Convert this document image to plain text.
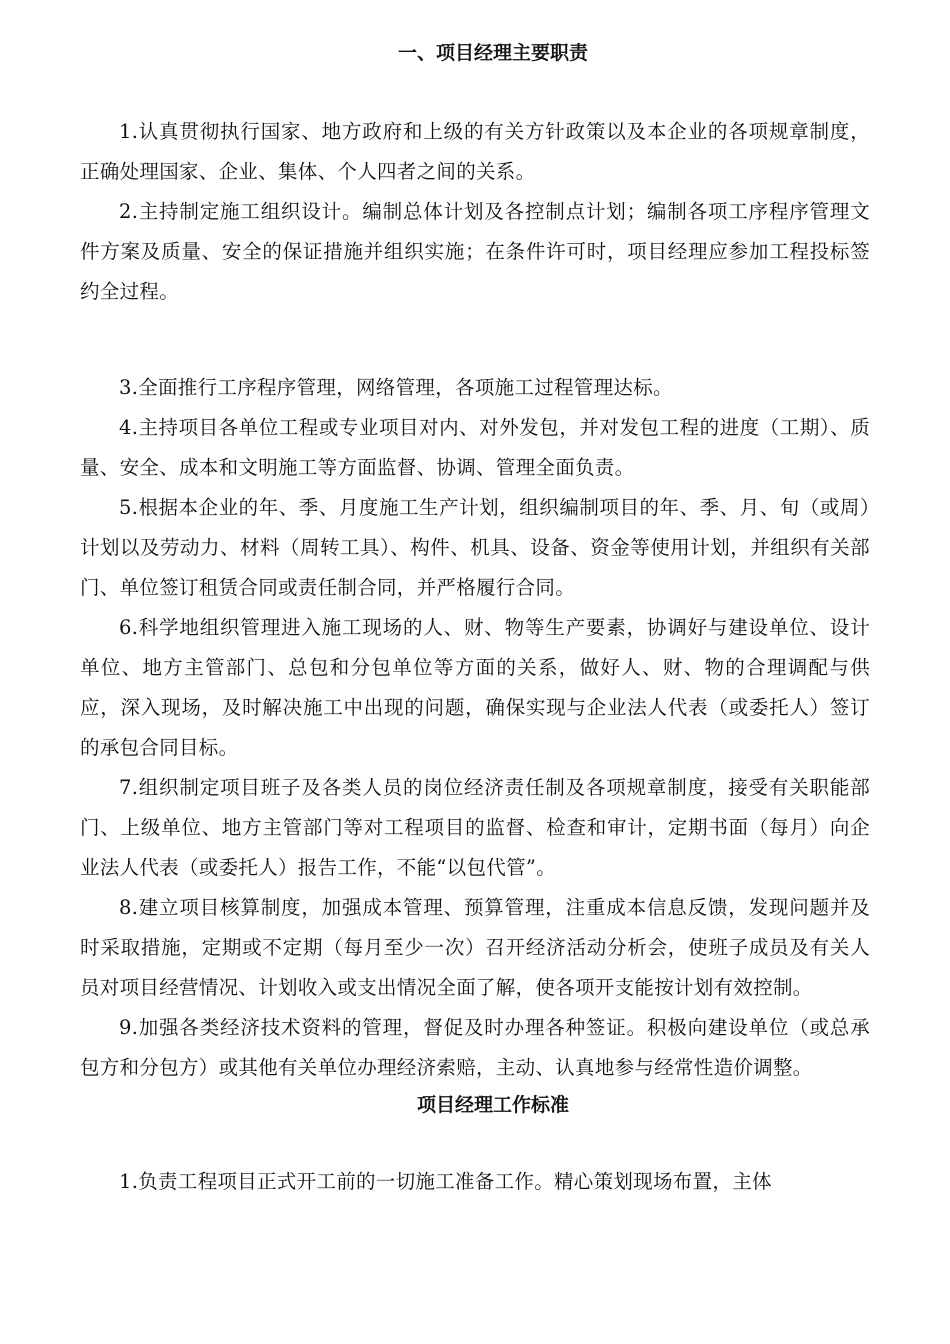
一、项目经理主要职责

1.认真贯彻执行国家、地方政府和上级的有关方针政策以及本企业的各项规章制度，正确处理国家、企业、集体、个人四者之间的关系。

2.主持制定施工组织设计。编制总体计划及各控制点计划；编制各项工序程序管理文件方案及质量、安全的保证措施并组织实施；在条件许可时，项目经理应参加工程投标签约全过程。

3.全面推行工序程序管理，网络管理，各项施工过程管理达标。

4.主持项目各单位工程或专业项目对内、对外发包，并对发包工程的进度（工期）、质量、安全、成本和文明施工等方面监督、协调、管理全面负责。

5.根据本企业的年、季、月度施工生产计划，组织编制项目的年、季、月、旬（或周）计划以及劳动力、材料（周转工具）、构件、机具、设备、资金等使用计划，并组织有关部门、单位签订租赁合同或责任制合同，并严格履行合同。

6.科学地组织管理进入施工现场的人、财、物等生产要素，协调好与建设单位、设计单位、地方主管部门、总包和分包单位等方面的关系，做好人、财、物的合理调配与供应，深入现场，及时解决施工中出现的问题，确保实现与企业法人代表（或委托人）签订的承包合同目标。

7.组织制定项目班子及各类人员的岗位经济责任制及各项规章制度，接受有关职能部门、上级单位、地方主管部门等对工程项目的监督、检查和审计，定期书面（每月）向企业法人代表（或委托人）报告工作，不能“以包代管”。

8.建立项目核算制度，加强成本管理、预算管理，注重成本信息反馈，发现问题并及时采取措施，定期或不定期（每月至少一次）召开经济活动分析会，使班子成员及有关人员对项目经营情况、计划收入或支出情况全面了解，使各项开支能按计划有效控制。

9.加强各类经济技术资料的管理，督促及时办理各种签证。积极向建设单位（或总承包方和分包方）或其他有关单位办理经济索赔，主动、认真地参与经常性造价调整。

项目经理工作标准

1.负责工程项目正式开工前的一切施工准备工作。精心策划现场布置，主体
